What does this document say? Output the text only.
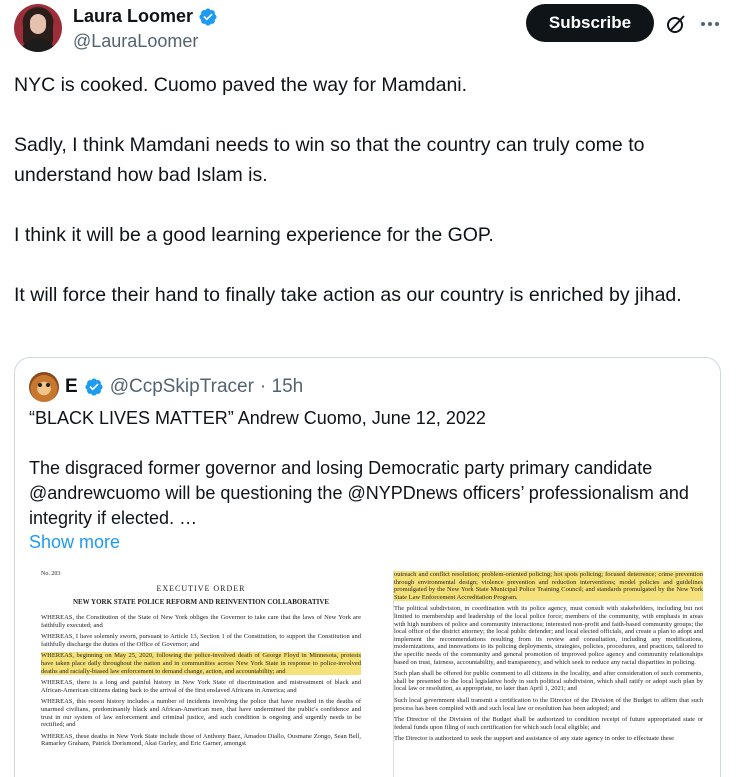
Laura Loomer
@LauraLoomer
Subscribe

NYC is cooked. Cuomo paved the way for Mamdani.

Sadly, I think Mamdani needs to win so that the country can truly come to understand how bad Islam is.

I think it will be a good learning experience for the GOP.

It will force their hand to finally take action as our country is enriched by jihad.

E @CcpSkipTracer · 15h
“BLACK LIVES MATTER” Andrew Cuomo, June 12, 2022
The disgraced former governor and losing Democratic party primary candidate @andrewcuomo will be questioning the @NYPDnews officers’ professionalism and integrity if elected. …
Show more
No. 203
EXECUTIVE ORDER
NEW YORK STATE POLICE REFORM AND REINVENTION COLLABORATIVE
WHEREAS, the Constitution of the State of New York obliges the Governor to take care that the laws of New York are faithfully executed; and
WHEREAS, I have solemnly sworn, pursuant to Article 13, Section 1 of the Constitution, to support the Constitution and faithfully discharge the duties of the Office of Governor; and
WHEREAS, beginning on May 25, 2020, following the police-involved death of George Floyd in Minnesota, protests have taken place daily throughout the nation and in communities across New York State in response to police-involved deaths and racially-biased law enforcement to demand change, action, and accountability; and
WHEREAS, there is a long and painful history in New York State of discrimination and mistreatment of black and African-American citizens dating back to the arrival of the first enslaved Africans in America; and
WHEREAS, this recent history includes a number of incidents involving the police that have resulted in the deaths of unarmed civilians, predominantly black and African-American men, that have undermined the public's confidence and trust in our system of law enforcement and criminal justice, and such condition is ongoing and urgently needs to be rectified; and
WHEREAS, these deaths in New York State include those of Anthony Baez, Amadou Diallo, Ousmane Zongo, Sean Bell, Ramarley Graham, Patrick Dorismond, Akai Gurley, and Eric Garner, amongst
outreach and conflict resolution; problem-oriented policing; hot spots policing; focused deterrence; crime prevention through environmental design; violence prevention and reduction interventions; model policies and guidelines promulgated by the New York State Municipal Police Training Council; and standards promulgated by the New York State Law Enforcement Accreditation Program.
The political subdivision, in coordination with its police agency, must consult with stakeholders, including but not limited to membership and leadership of the local police force; members of the community, with emphasis in areas with high numbers of police and community interactions; interested non-profit and faith-based community groups; the local office of the district attorney; the local public defender; and local elected officials, and create a plan to adopt and implement the recommendations resulting from its review and consultation, including any modifications, modernizations, and innovations to its policing deployments, strategies, policies, procedures, and practices, tailored to the specific needs of the community and general promotion of improved police agency and community relationships based on trust, fairness, accountability, and transparency, and which seek to reduce any racial disparities in policing.
Such plan shall be offered for public comment to all citizens in the locality, and after consideration of such comments, shall be presented to the local legislative body in such political subdivision, which shall ratify or adopt such plan by local law or resolution, as appropriate, no later than April 1, 2021; and
Such local government shall transmit a certification to the Director of the Division of the Budget to affirm that such process has been complied with and such local law or resolution has been adopted; and
The Director of the Division of the Budget shall be authorized to condition receipt of future appropriated state or federal funds upon filing of such certification for which such local eligible; and
The Director is authorized to seek the support and assistance of any state agency in order to effectuate these
